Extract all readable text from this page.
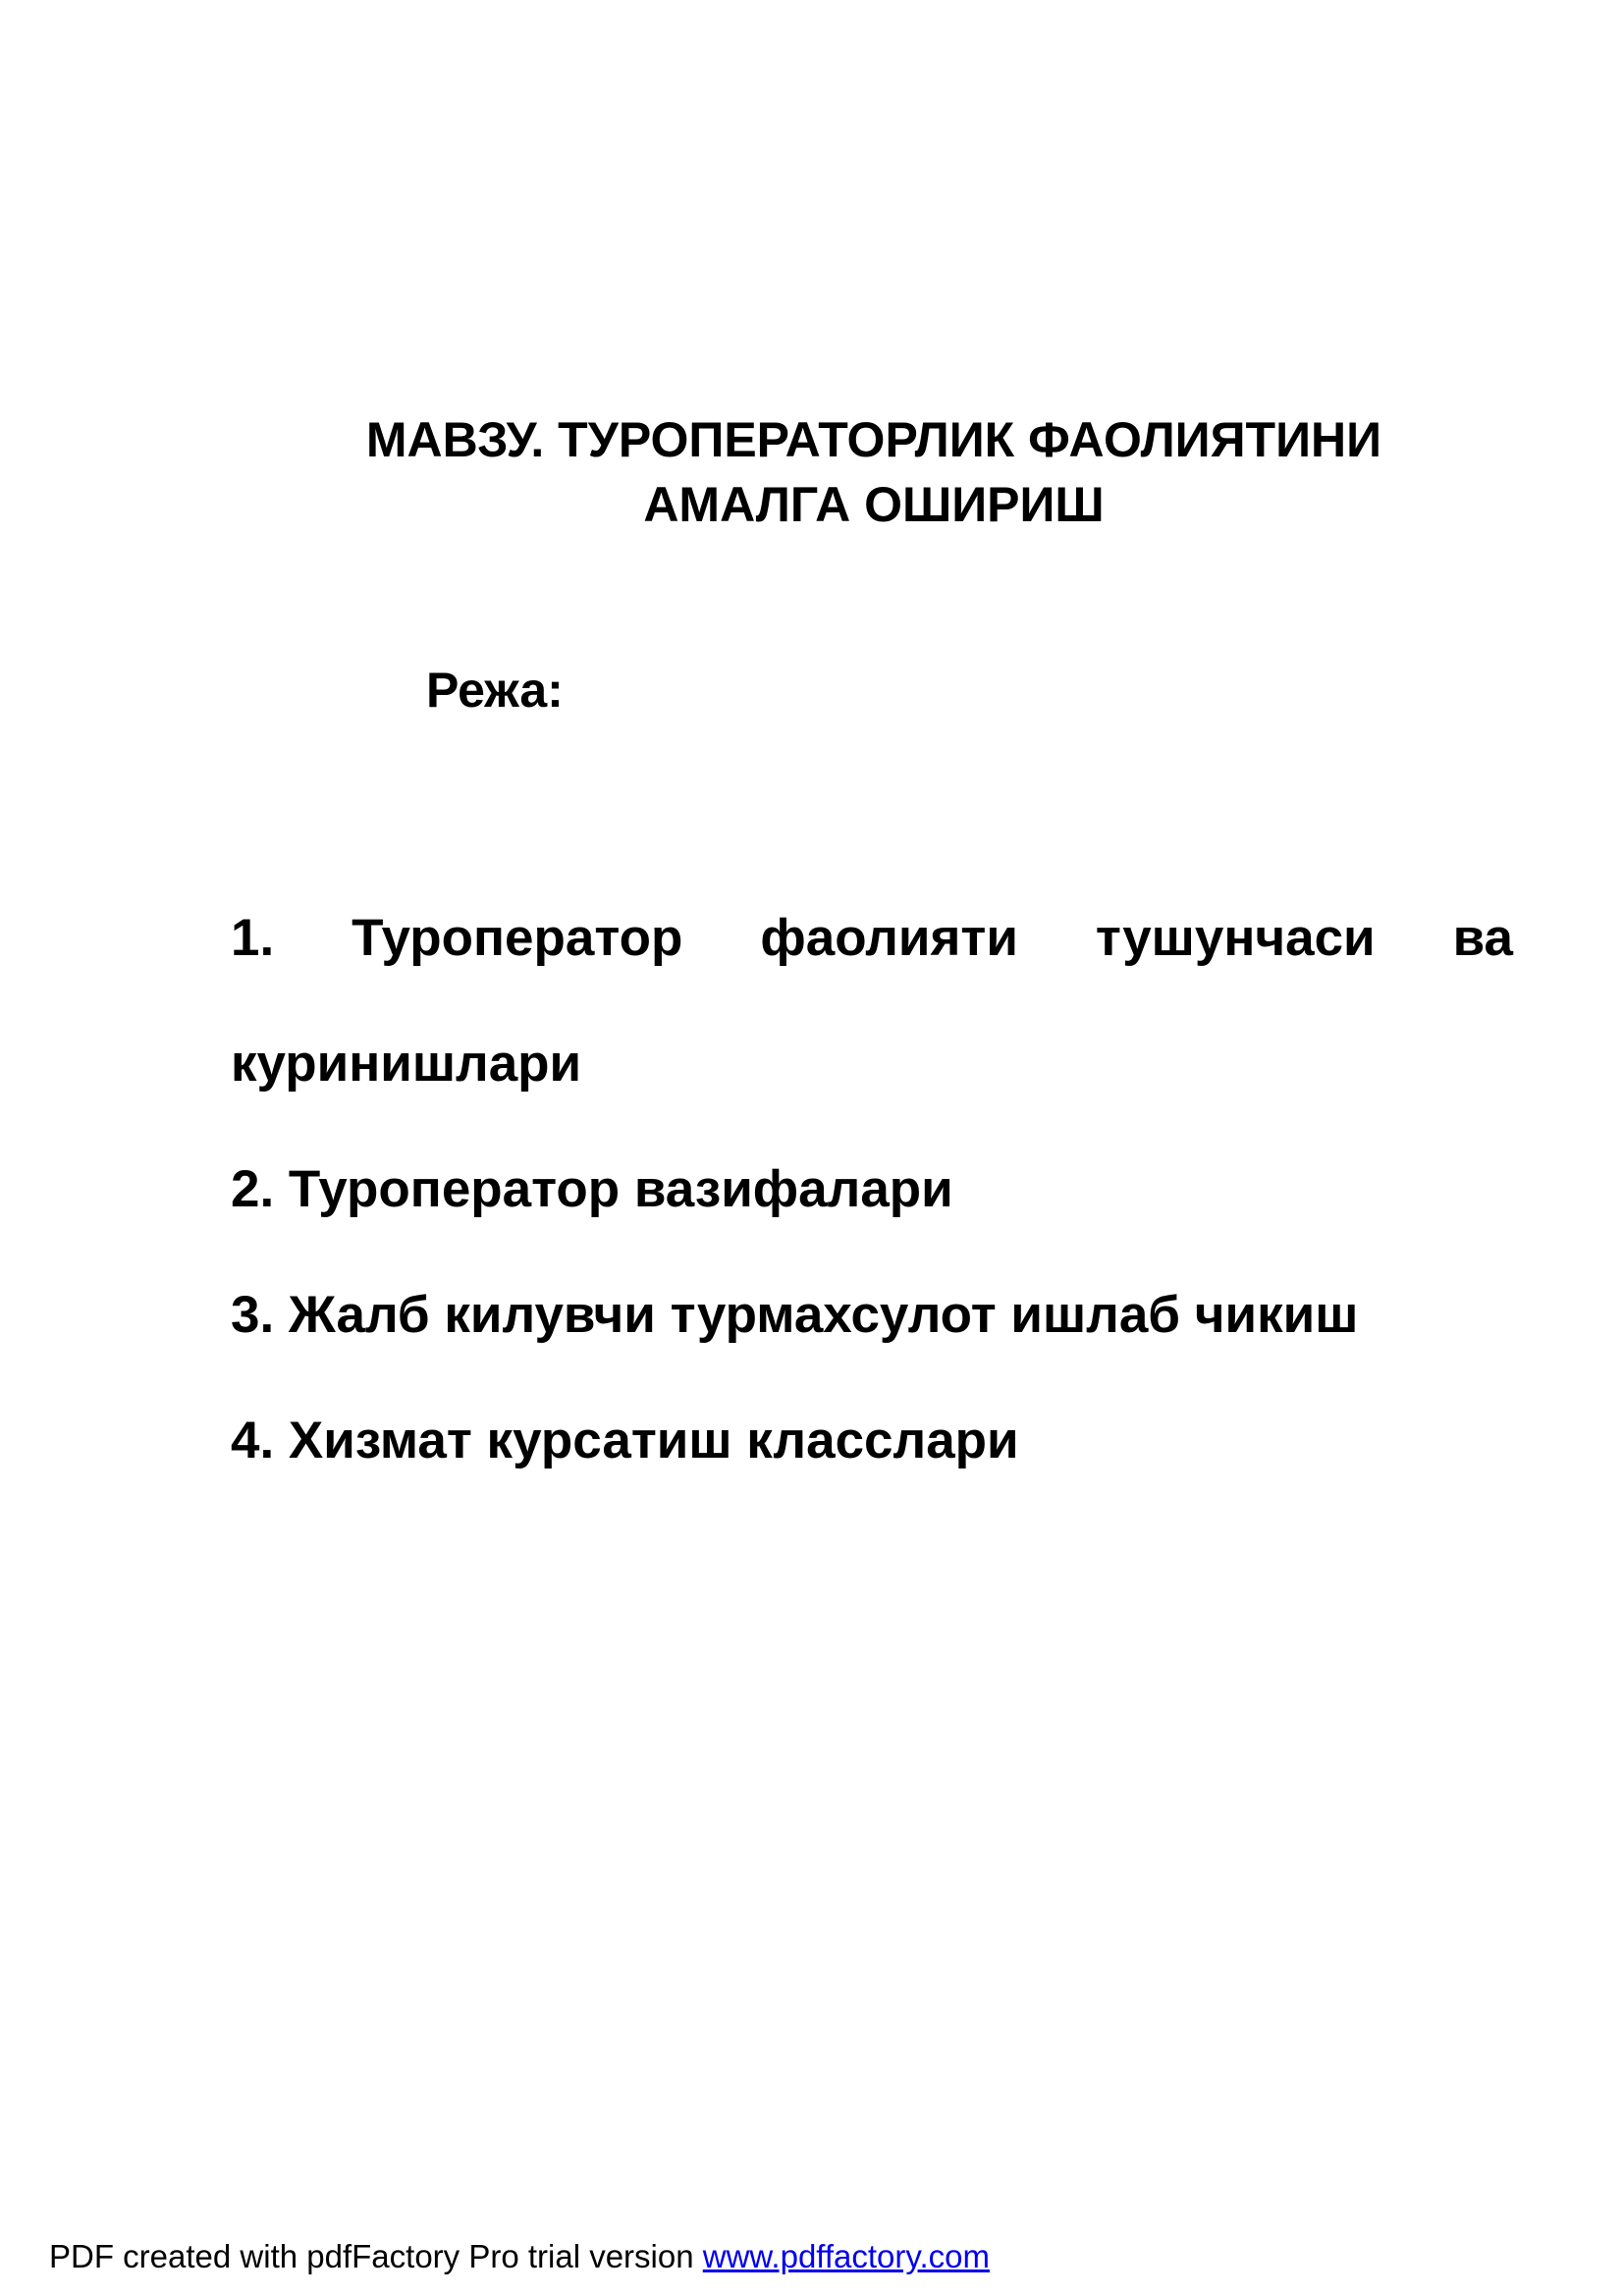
МАВЗУ. ТУРОПЕРАТОРЛИК ФАОЛИЯТИНИ
АМАЛГА ОШИРИШ
Режа:
1. Туроператор фаолияти тушунчаси ва
куринишлари
2. Туроператор вазифалари
3. Жалб килувчи турмахсулот ишлаб чикиш
4. Хизмат курсатиш класслари
PDF created with pdfFactory Pro trial version www.pdffactory.com
